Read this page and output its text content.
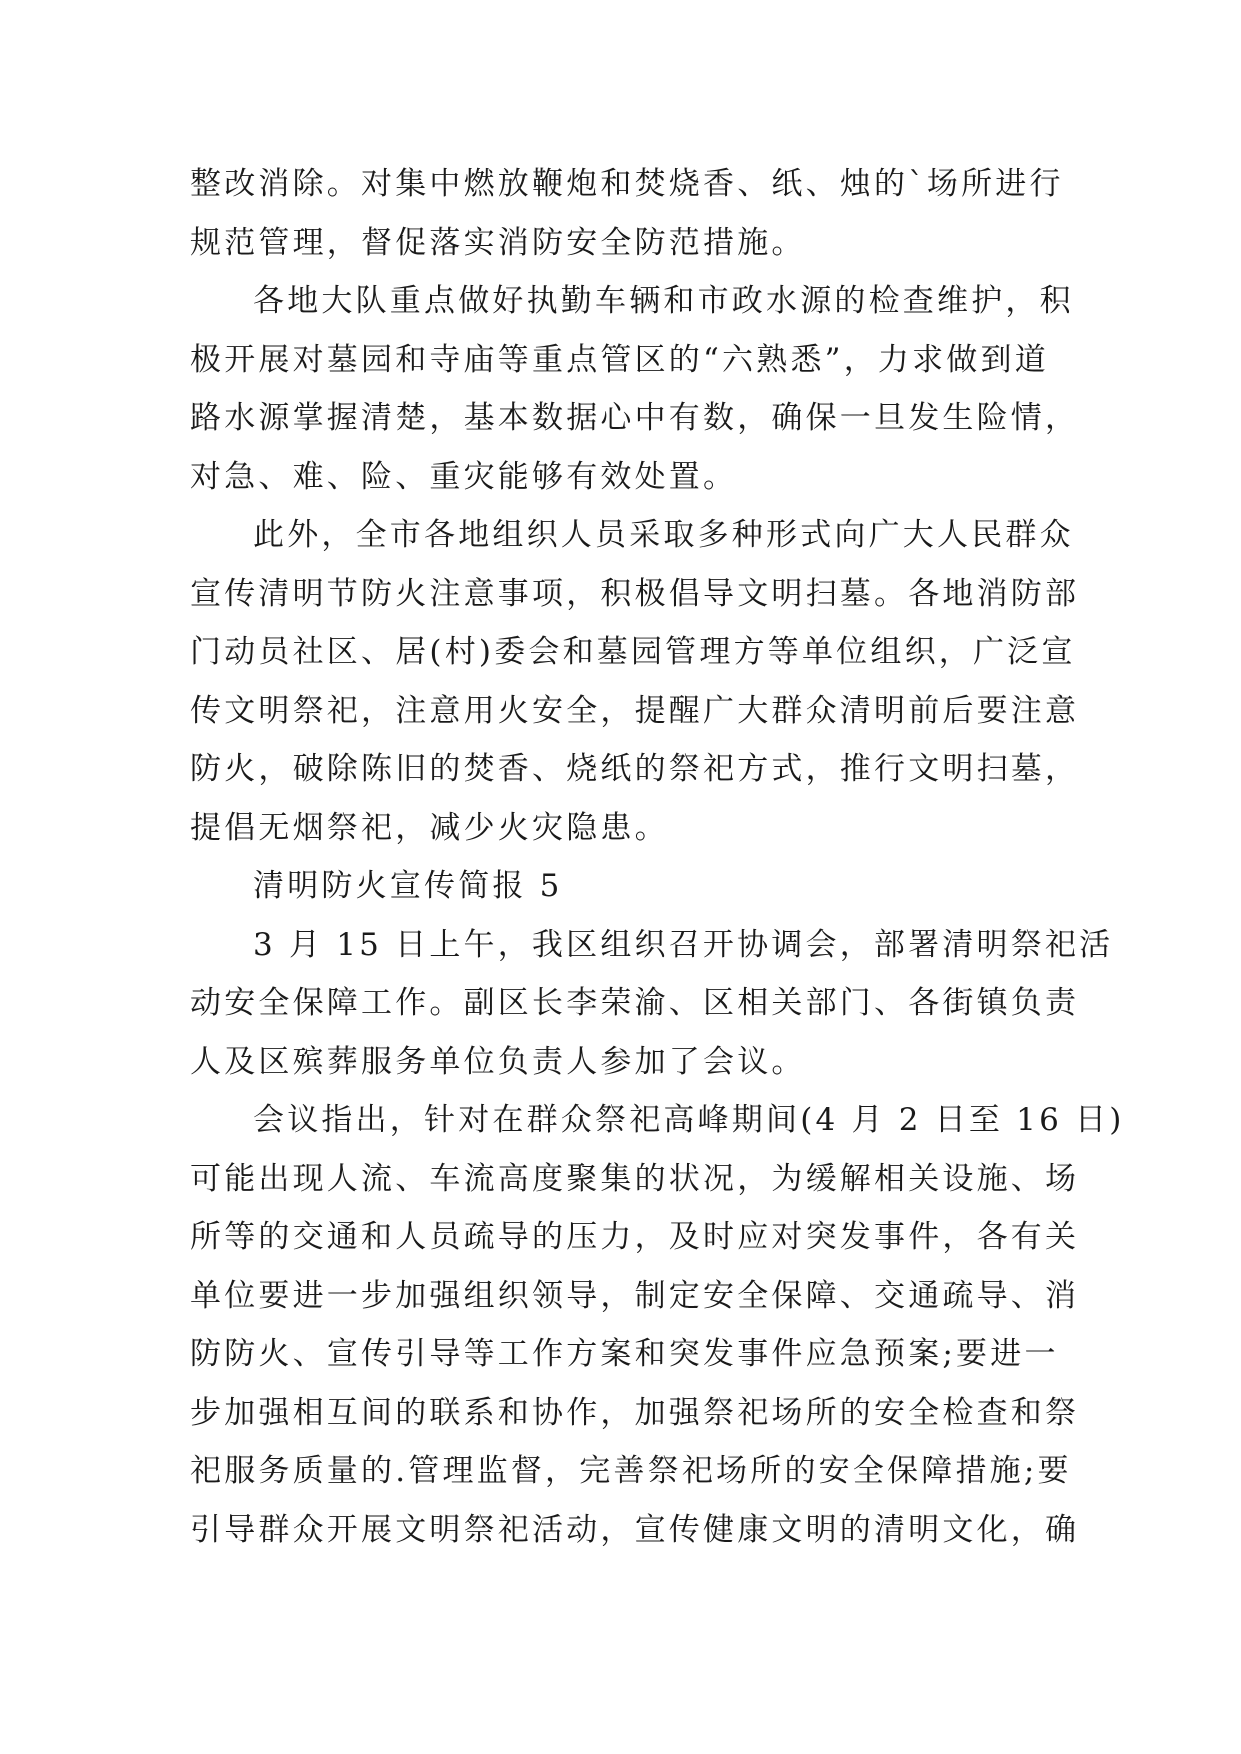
整改消除。对集中燃放鞭炮和焚烧香、纸、烛的`场所进行
规范管理，督促落实消防安全防范措施。
各地大队重点做好执勤车辆和市政水源的检查维护，积
极开展对墓园和寺庙等重点管区的“六熟悉”，力求做到道
路水源掌握清楚，基本数据心中有数，确保一旦发生险情，
对急、难、险、重灾能够有效处置。
此外，全市各地组织人员采取多种形式向广大人民群众
宣传清明节防火注意事项，积极倡导文明扫墓。各地消防部
门动员社区、居(村)委会和墓园管理方等单位组织，广泛宣
传文明祭祀，注意用火安全，提醒广大群众清明前后要注意
防火，破除陈旧的焚香、烧纸的祭祀方式，推行文明扫墓，
提倡无烟祭祀，减少火灾隐患。
清明防火宣传简报 5
3 月 15 日上午，我区组织召开协调会，部署清明祭祀活
动安全保障工作。副区长李荣渝、区相关部门、各街镇负责
人及区殡葬服务单位负责人参加了会议。
会议指出，针对在群众祭祀高峰期间(4 月 2 日至 16 日)
可能出现人流、车流高度聚集的状况，为缓解相关设施、场
所等的交通和人员疏导的压力，及时应对突发事件，各有关
单位要进一步加强组织领导，制定安全保障、交通疏导、消
防防火、宣传引导等工作方案和突发事件应急预案;要进一
步加强相互间的联系和协作，加强祭祀场所的安全检查和祭
祀服务质量的.管理监督，完善祭祀场所的安全保障措施;要
引导群众开展文明祭祀活动，宣传健康文明的清明文化，确
